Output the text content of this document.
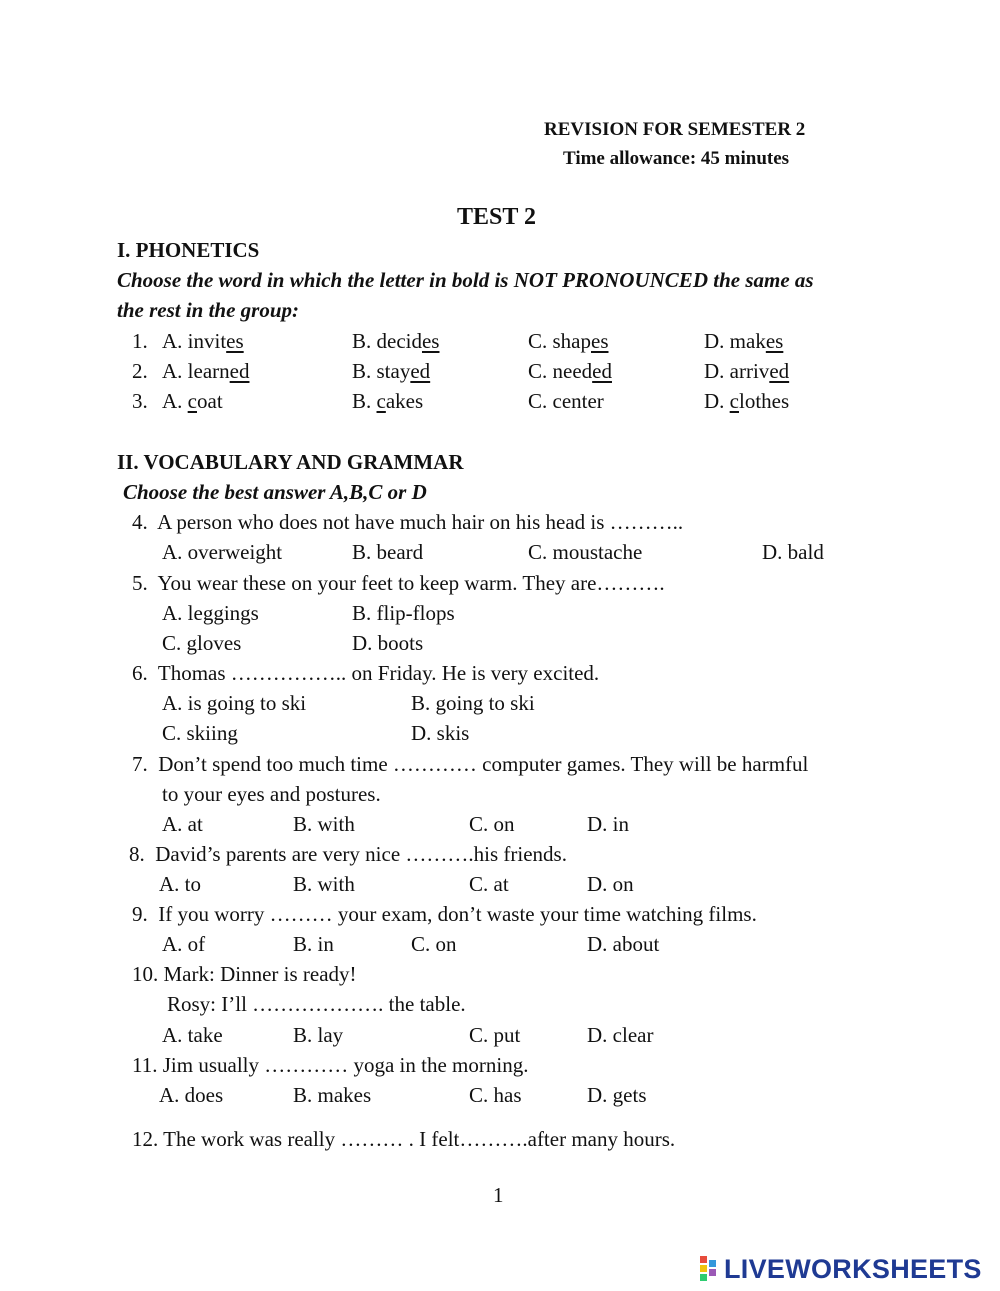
REVISION FOR SEMESTER 2
Time allowance: 45 minutes
TEST 2
I. PHONETICS
Choose the word in which the letter in bold is NOT PRONOUNCED the same as
the rest in the group:
1. A. invites	B. decides	C. shapes	D. makes
2. A. learned	B. stayed	C. needed	D. arrived
3. A. coat	B. cakes	C. center	D. clothes
II. VOCABULARY AND GRAMMAR
Choose the best answer A,B,C or D
4. A person who does not have much hair on his head is ………..
A. overweight	B. beard	C. moustache	D. bald
5. You wear these on your feet to keep warm. They are……….
A. leggings	B. flip-flops
C. gloves	D. boots
6. Thomas …………….. on Friday. He is very excited.
A. is going to ski	B. going to ski
C. skiing	D. skis
7. Don’t spend too much time ………… computer games. They will be harmful
to your eyes and postures.
A. at	B. with	C. on	D. in
8. David’s parents are very nice ……….his friends.
A. to	B. with	C. at	D. on
9. If you worry ……… your exam, don’t waste your time watching films.
A. of	B. in	C. on	D. about
10. Mark: Dinner is ready!
Rosy: I’ll ………………. the table.
A. take	B. lay	C. put	D. clear
11. Jim usually ………… yoga in the morning.
A. does	B. makes	C. has	D. gets
12. The work was really ……… . I felt……….after many hours.
1
LIVEWORKSHEETS
